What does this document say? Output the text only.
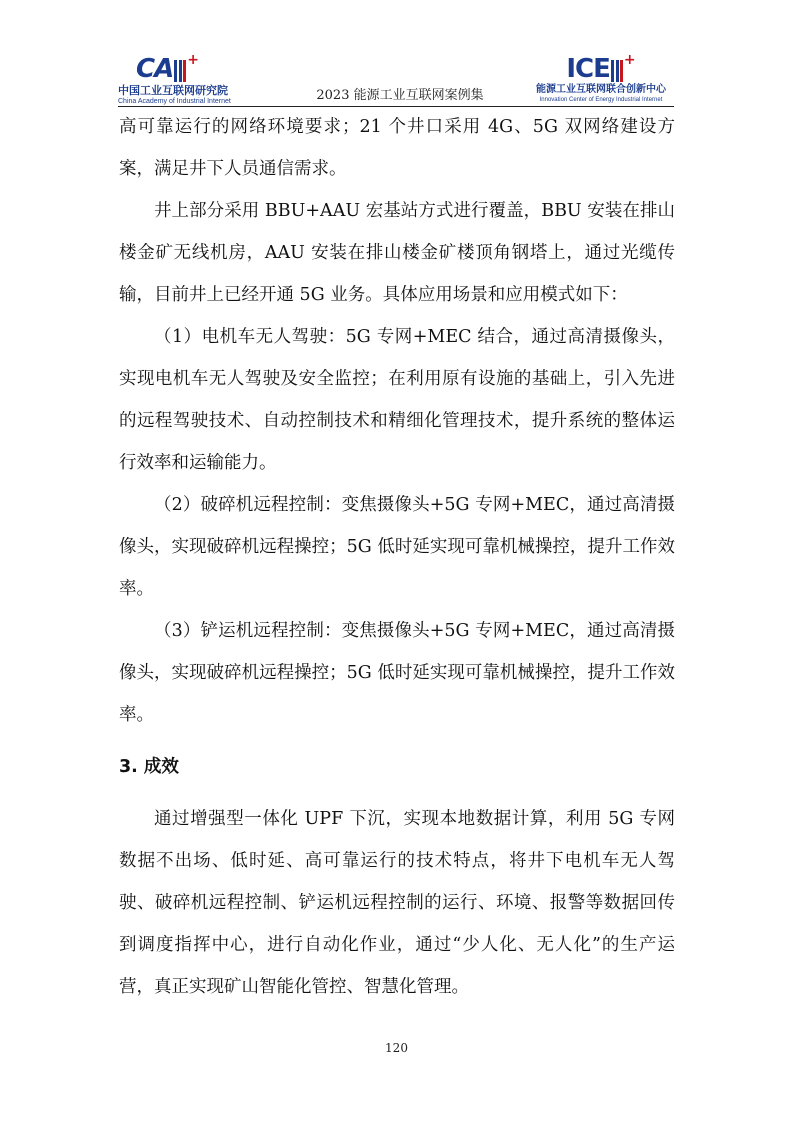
CA +
中国工业互联网研究院
China Academy of Industrial Internet	2023 能源工业互联网案例集
ICE +
能源工业互联网联合创新中心
Innovation Center of Energy Industrial Internet

高可靠运行的网络环境要求；21 个井口采用 4G、5G 双网络建设方案，满足井下人员通信需求。

井上部分采用 BBU+AAU 宏基站方式进行覆盖，BBU 安装在排山楼金矿无线机房，AAU 安装在排山楼金矿楼顶角钢塔上，通过光缆传输，目前井上已经开通 5G 业务。具体应用场景和应用模式如下：

（1）电机车无人驾驶：5G 专网+MEC 结合，通过高清摄像头，实现电机车无人驾驶及安全监控；在利用原有设施的基础上，引入先进的远程驾驶技术、自动控制技术和精细化管理技术，提升系统的整体运行效率和运输能力。

（2）破碎机远程控制：变焦摄像头+5G 专网+MEC，通过高清摄像头，实现破碎机远程操控；5G 低时延实现可靠机械操控，提升工作效率。

（3）铲运机远程控制：变焦摄像头+5G 专网+MEC，通过高清摄像头，实现破碎机远程操控；5G 低时延实现可靠机械操控，提升工作效率。

3. 成效

通过增强型一体化 UPF 下沉，实现本地数据计算，利用 5G 专网数据不出场、低时延、高可靠运行的技术特点，将井下电机车无人驾驶、破碎机远程控制、铲运机远程控制的运行、环境、报警等数据回传到调度指挥中心，进行自动化作业，通过“少人化、无人化”的生产运营，真正实现矿山智能化管控、智慧化管理。

120
